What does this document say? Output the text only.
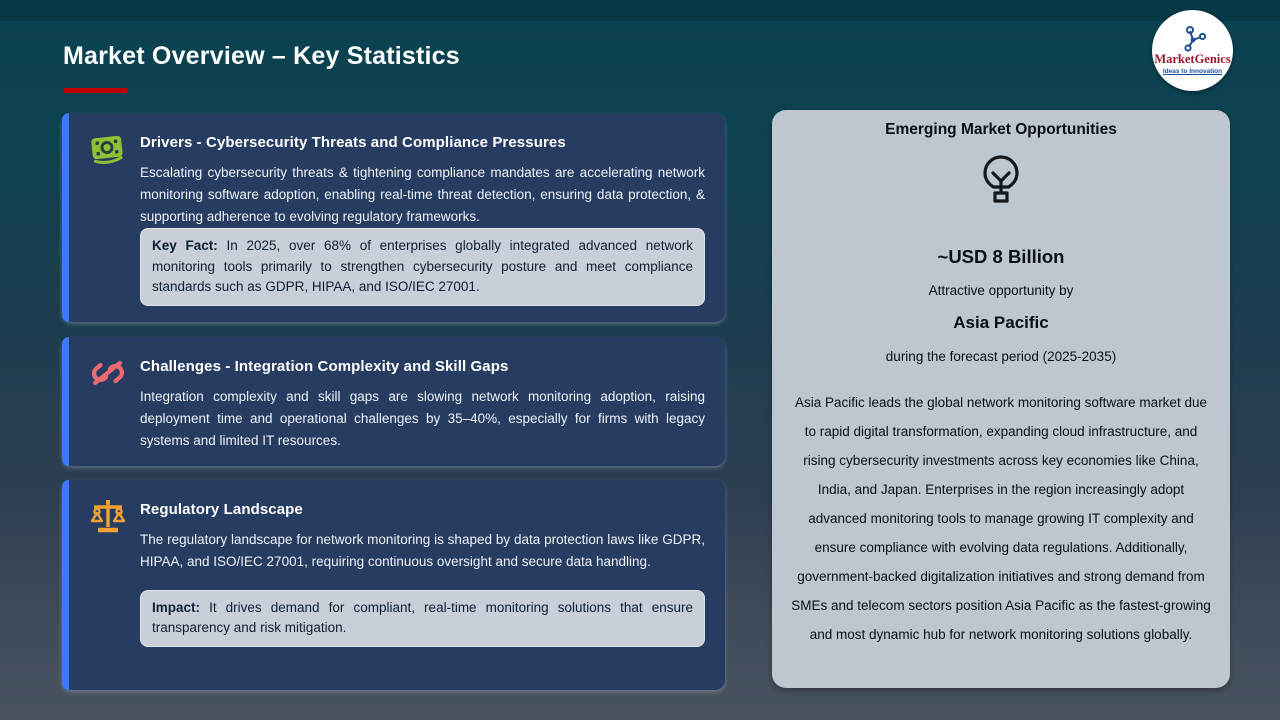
Market Overview – Key Statistics	MarketGenics
Ideas to Innovation
Drivers - Cybersecurity Threats and Compliance Pressures
Escalating cybersecurity threats & tightening compliance mandates are accelerating network monitoring software adoption, enabling real-time threat detection, ensuring data protection, & supporting adherence to evolving regulatory frameworks.
Key Fact: In 2025, over 68% of enterprises globally integrated advanced network monitoring tools primarily to strengthen cybersecurity posture and meet compliance standards such as GDPR, HIPAA, and ISO/IEC 27001.
Challenges - Integration Complexity and Skill Gaps
Integration complexity and skill gaps are slowing network monitoring adoption, raising deployment time and operational challenges by 35–40%, especially for firms with legacy systems and limited IT resources.
Regulatory Landscape
The regulatory landscape for network monitoring is shaped by data protection laws like GDPR, HIPAA, and ISO/IEC 27001, requiring continuous oversight and secure data handling.
Impact: It drives demand for compliant, real-time monitoring solutions that ensure transparency and risk mitigation.
Emerging Market Opportunities
~USD 8 Billion
Attractive opportunity by
Asia Pacific
during the forecast period (2025-2035)
Asia Pacific leads the global network monitoring software market due to rapid digital transformation, expanding cloud infrastructure, and rising cybersecurity investments across key economies like China, India, and Japan. Enterprises in the region increasingly adopt advanced monitoring tools to manage growing IT complexity and ensure compliance with evolving data regulations. Additionally, government-backed digitalization initiatives and strong demand from SMEs and telecom sectors position Asia Pacific as the fastest-growing and most dynamic hub for network monitoring solutions globally.
